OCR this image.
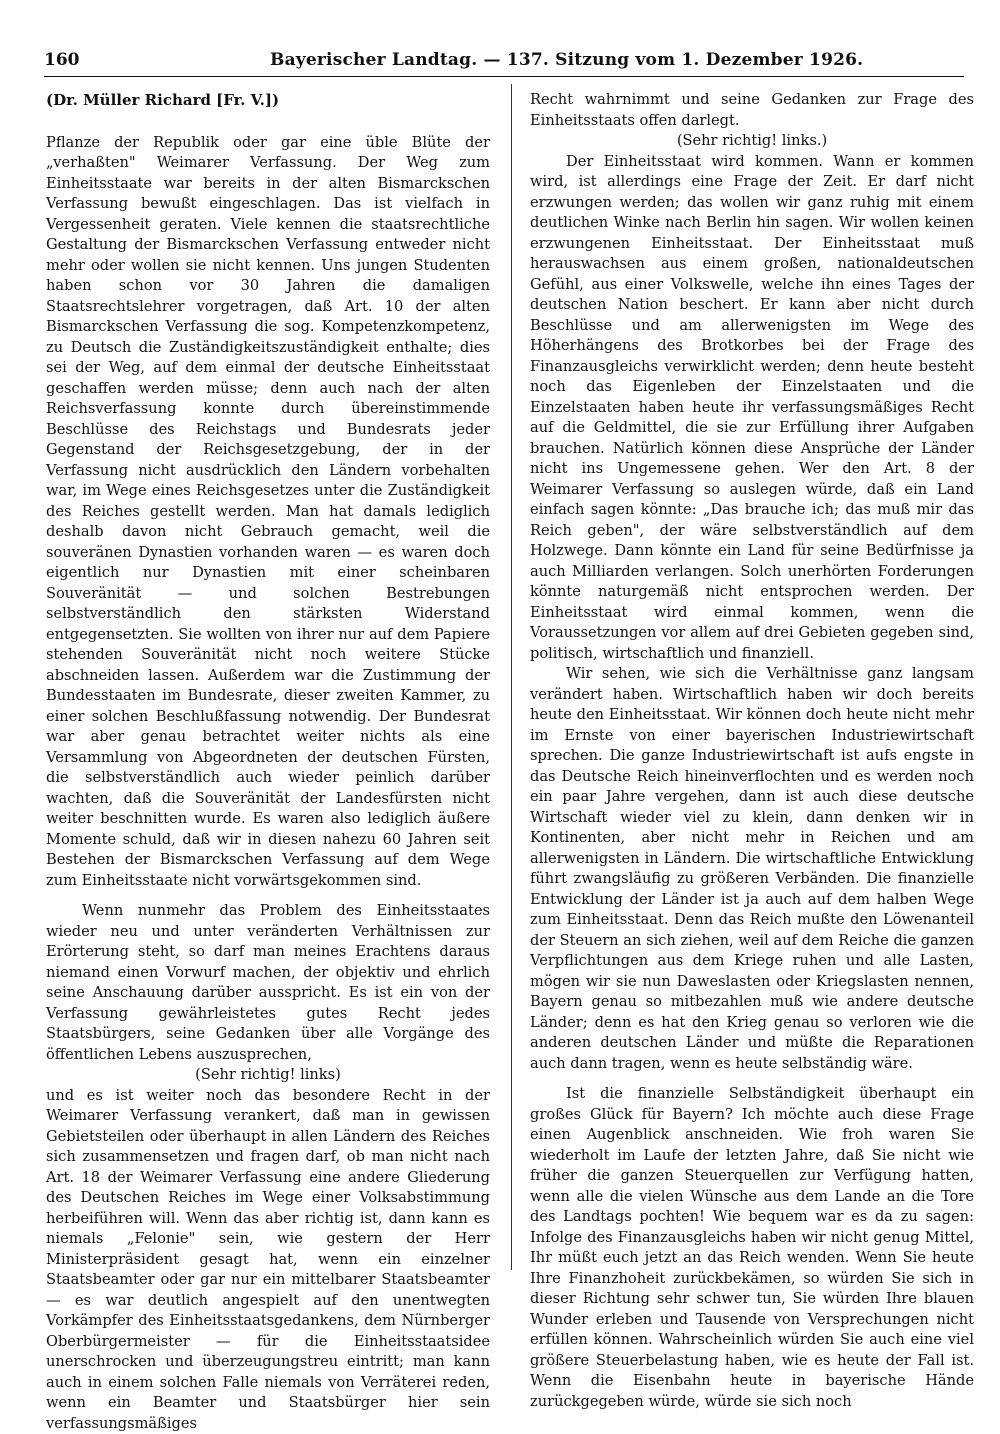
160	Bayerischer Landtag. — 137. Sitzung vom 1. Dezember 1926.
(Dr. Müller Richard [Fr. V.])

Pflanze der Republik oder gar eine üble Blüte der „verhaßten" Weimarer Verfassung. Der Weg zum Einheitsstaate war bereits in der alten Bismarckschen Verfassung bewußt eingeschlagen. Das ist vielfach in Vergessenheit geraten. Viele kennen die staatsrechtliche Gestaltung der Bismarckschen Verfassung entweder nicht mehr oder wollen sie nicht kennen. Uns jungen Studenten haben schon vor 30 Jahren die damaligen Staatsrechtslehrer vorgetragen, daß Art. 10 der alten Bismarckschen Verfassung die sog. Kompetenzkompetenz, zu Deutsch die Zuständigkeitszuständigkeit enthalte; dies sei der Weg, auf dem einmal der deutsche Einheitsstaat geschaffen werden müsse; denn auch nach der alten Reichsverfassung konnte durch übereinstimmende Beschlüsse des Reichstags und Bundesrats jeder Gegenstand der Reichsgesetzgebung, der in der Verfassung nicht ausdrücklich den Ländern vorbehalten war, im Wege eines Reichsgesetzes unter die Zuständigkeit des Reiches gestellt werden. Man hat damals lediglich deshalb davon nicht Gebrauch gemacht, weil die souveränen Dynastien vorhanden waren — es waren doch eigentlich nur Dynastien mit einer scheinbaren Souveränität — und solchen Bestrebungen selbstverständlich den stärksten Widerstand entgegensetzten. Sie wollten von ihrer nur auf dem Papiere stehenden Souveränität nicht noch weitere Stücke abschneiden lassen. Außerdem war die Zustimmung der Bundesstaaten im Bundesrate, dieser zweiten Kammer, zu einer solchen Beschlußfassung notwendig. Der Bundesrat war aber genau betrachtet weiter nichts als eine Versammlung von Abgeordneten der deutschen Fürsten, die selbstverständlich auch wieder peinlich darüber wachten, daß die Souveränität der Landesfürsten nicht weiter beschnitten wurde. Es waren also lediglich äußere Momente schuld, daß wir in diesen nahezu 60 Jahren seit Bestehen der Bismarckschen Verfassung auf dem Wege zum Einheitsstaate nicht vorwärtsgekommen sind.

Wenn nunmehr das Problem des Einheitsstaates wieder neu und unter veränderten Verhältnissen zur Erörterung steht, so darf man meines Erachtens daraus niemand einen Vorwurf machen, der objektiv und ehrlich seine Anschauung darüber ausspricht. Es ist ein von der Verfassung gewährleistetes gutes Recht jedes Staatsbürgers, seine Gedanken über alle Vorgänge des öffentlichen Lebens auszusprechen,

(Sehr richtig! links)

und es ist weiter noch das besondere Recht in der Weimarer Verfassung verankert, daß man in gewissen Gebietsteilen oder überhaupt in allen Ländern des Reiches sich zusammensetzen und fragen darf, ob man nicht nach Art. 18 der Weimarer Verfassung eine andere Gliederung des Deutschen Reiches im Wege einer Volksabstimmung herbeiführen will. Wenn das aber richtig ist, dann kann es niemals „Felonie" sein, wie gestern der Herr Ministerpräsident gesagt hat, wenn ein einzelner Staatsbeamter oder gar nur ein mittelbarer Staatsbeamter — es war deutlich angespielt auf den unentwegten Vorkämpfer des Einheitsstaatsgedankens, dem Nürnberger Oberbürgermeister — für die Einheitsstaatsidee unerschrocken und überzeugungstreu eintritt; man kann auch in einem solchen Falle niemals von Verräterei reden, wenn ein Beamter und Staatsbürger hier sein verfassungsmäßiges

Recht wahrnimmt und seine Gedanken zur Frage des Einheitsstaats offen darlegt.

(Sehr richtig! links.)

Der Einheitsstaat wird kommen. Wann er kommen wird, ist allerdings eine Frage der Zeit. Er darf nicht erzwungen werden; das wollen wir ganz ruhig mit einem deutlichen Winke nach Berlin hin sagen. Wir wollen keinen erzwungenen Einheitsstaat. Der Einheitsstaat muß herauswachsen aus einem großen, nationaldeutschen Gefühl, aus einer Volkswelle, welche ihn eines Tages der deutschen Nation beschert. Er kann aber nicht durch Beschlüsse und am allerwenigsten im Wege des Höherhängens des Brotkorbes bei der Frage des Finanzausgleichs verwirklicht werden; denn heute besteht noch das Eigenleben der Einzelstaaten und die Einzelstaaten haben heute ihr verfassungsmäßiges Recht auf die Geldmittel, die sie zur Erfüllung ihrer Aufgaben brauchen. Natürlich können diese Ansprüche der Länder nicht ins Ungemessene gehen. Wer den Art. 8 der Weimarer Verfassung so auslegen würde, daß ein Land einfach sagen könnte: „Das brauche ich; das muß mir das Reich geben", der wäre selbstverständlich auf dem Holzwege. Dann könnte ein Land für seine Bedürfnisse ja auch Milliarden verlangen. Solch unerhörten Forderungen könnte naturgemäß nicht entsprochen werden. Der Einheitsstaat wird einmal kommen, wenn die Voraussetzungen vor allem auf drei Gebieten gegeben sind, politisch, wirtschaftlich und finanziell.

Wir sehen, wie sich die Verhältnisse ganz langsam verändert haben. Wirtschaftlich haben wir doch bereits heute den Einheitsstaat. Wir können doch heute nicht mehr im Ernste von einer bayerischen Industriewirtschaft sprechen. Die ganze Industriewirtschaft ist aufs engste in das Deutsche Reich hineinverflochten und es werden noch ein paar Jahre vergehen, dann ist auch diese deutsche Wirtschaft wieder viel zu klein, dann denken wir in Kontinenten, aber nicht mehr in Reichen und am allerwenigsten in Ländern. Die wirtschaftliche Entwicklung führt zwangsläufig zu größeren Verbänden. Die finanzielle Entwicklung der Länder ist ja auch auf dem halben Wege zum Einheitsstaat. Denn das Reich mußte den Löwenanteil der Steuern an sich ziehen, weil auf dem Reiche die ganzen Verpflichtungen aus dem Kriege ruhen und alle Lasten, mögen wir sie nun Daweslasten oder Kriegslasten nennen, Bayern genau so mitbezahlen muß wie andere deutsche Länder; denn es hat den Krieg genau so verloren wie die anderen deutschen Länder und müßte die Reparationen auch dann tragen, wenn es heute selbständig wäre.

Ist die finanzielle Selbständigkeit überhaupt ein großes Glück für Bayern? Ich möchte auch diese Frage einen Augenblick anschneiden. Wie froh waren Sie wiederholt im Laufe der letzten Jahre, daß Sie nicht wie früher die ganzen Steuerquellen zur Verfügung hatten, wenn alle die vielen Wünsche aus dem Lande an die Tore des Landtags pochten! Wie bequem war es da zu sagen: Infolge des Finanzausgleichs haben wir nicht genug Mittel, Ihr müßt euch jetzt an das Reich wenden. Wenn Sie heute Ihre Finanzhoheit zurückbekämen, so würden Sie sich in dieser Richtung sehr schwer tun, Sie würden Ihre blauen Wunder erleben und Tausende von Versprechungen nicht erfüllen können. Wahrscheinlich würden Sie auch eine viel größere Steuerbelastung haben, wie es heute der Fall ist. Wenn die Eisenbahn heute in bayerische Hände zurückgegeben würde, würde sie sich noch
